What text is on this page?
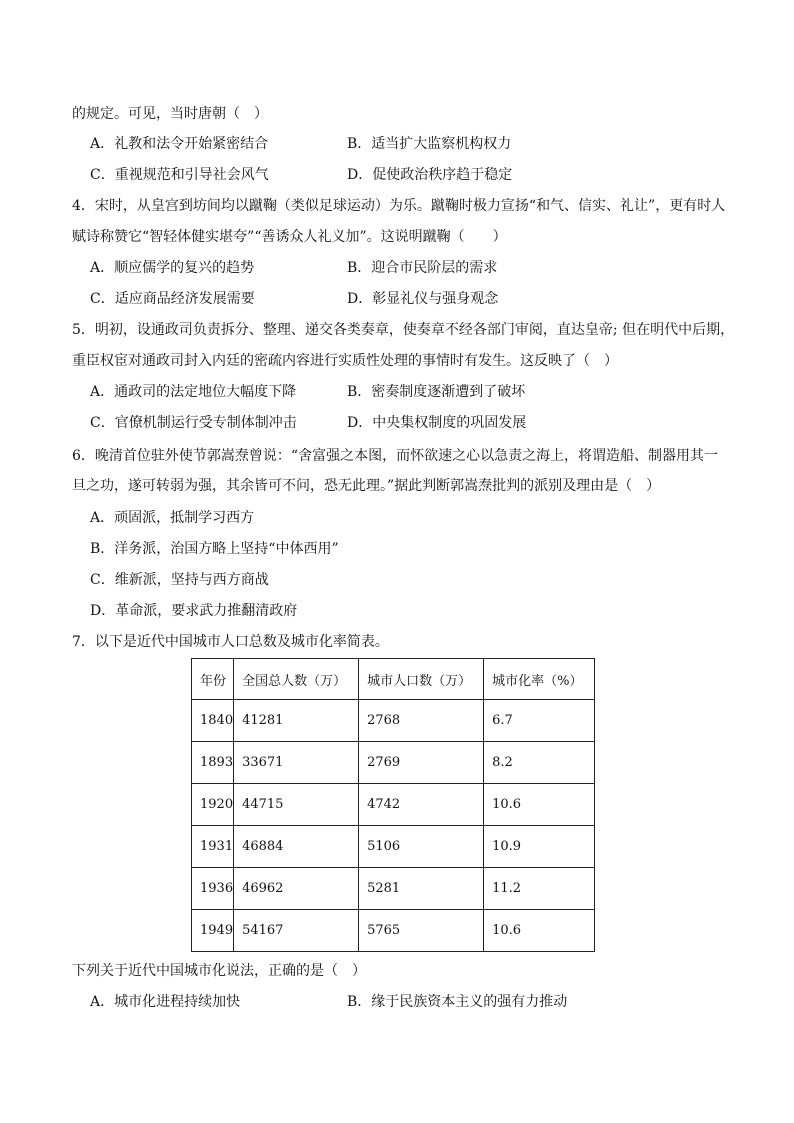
的规定。可见，当时唐朝（　）
A．礼教和法令开始紧密结合	B．适当扩大监察机构权力
C．重视规范和引导社会风气	D．促使政治秩序趋于稳定
4．宋时，从皇宫到坊间均以蹴鞠（类似足球运动）为乐。蹴鞠时极力宣扬“和气、信实、礼让”，更有时人
赋诗称赞它“智轻体健实堪夸”“善诱众人礼义加”。这说明蹴鞠（　　）
A．顺应儒学的复兴的趋势	B．迎合市民阶层的需求
C．适应商品经济发展需要	D．彰显礼仪与强身观念
5．明初，设通政司负责拆分、整理、递交各类奏章，使奏章不经各部门审阅，直达皇帝; 但在明代中后期，
重臣权宦对通政司封入内廷的密疏内容进行实质性处理的事情时有发生。这反映了（　）
A．通政司的法定地位大幅度下降	B．密奏制度逐渐遭到了破坏
C．官僚机制运行受专制体制冲击	D．中央集权制度的巩固发展
6．晚清首位驻外使节郭嵩焘曾说：“舍富强之本图，而怀欲速之心以急责之海上，将谓造船、制器用其一
旦之功，遂可转弱为强，其余皆可不问，恐无此理。”据此判断郭嵩焘批判的派别及理由是（　）
A．顽固派，抵制学习西方
B．洋务派，治国方略上坚持“中体西用”
C．维新派，坚持与西方商战
D．革命派，要求武力推翻清政府
7．以下是近代中国城市人口总数及城市化率简表。
年份	全国总人数（万）	城市人口数（万）	城市化率（%）
1840	41281	2768	6.7
1893	33671	2769	8.2
1920	44715	4742	10.6
1931	46884	5106	10.9
1936	46962	5281	11.2
1949	54167	5765	10.6
下列关于近代中国城市化说法，正确的是（　）
A．城市化进程持续加快	B．缘于民族资本主义的强有力推动
